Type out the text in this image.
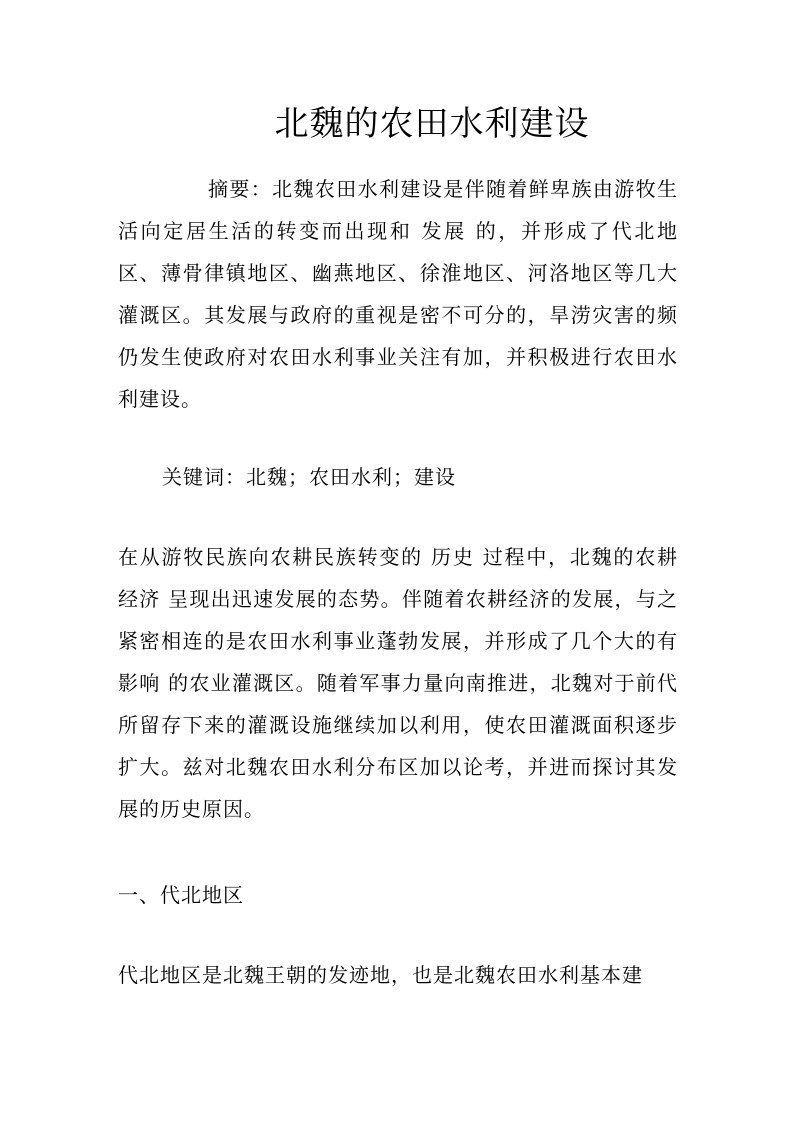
北魏的农田水利建设
摘要：北魏农田水利建设是伴随着鲜卑族由游牧生活向定居生活的转变而出现和 发展 的，并形成了代北地区、薄骨律镇地区、幽燕地区、徐淮地区、河洛地区等几大灌溉区。其发展与政府的重视是密不可分的，旱涝灾害的频仍发生使政府对农田水利事业关注有加，并积极进行农田水利建设。
关键词：北魏；农田水利；建设
在从游牧民族向农耕民族转变的 历史 过程中，北魏的农耕 经济 呈现出迅速发展的态势。伴随着农耕经济的发展，与之紧密相连的是农田水利事业蓬勃发展，并形成了几个大的有 影响 的农业灌溉区。随着军事力量向南推进，北魏对于前代所留存下来的灌溉设施继续加以利用，使农田灌溉面积逐步扩大。兹对北魏农田水利分布区加以论考，并进而探讨其发展的历史原因。
一、代北地区
代北地区是北魏王朝的发迹地，也是北魏农田水利基本建
